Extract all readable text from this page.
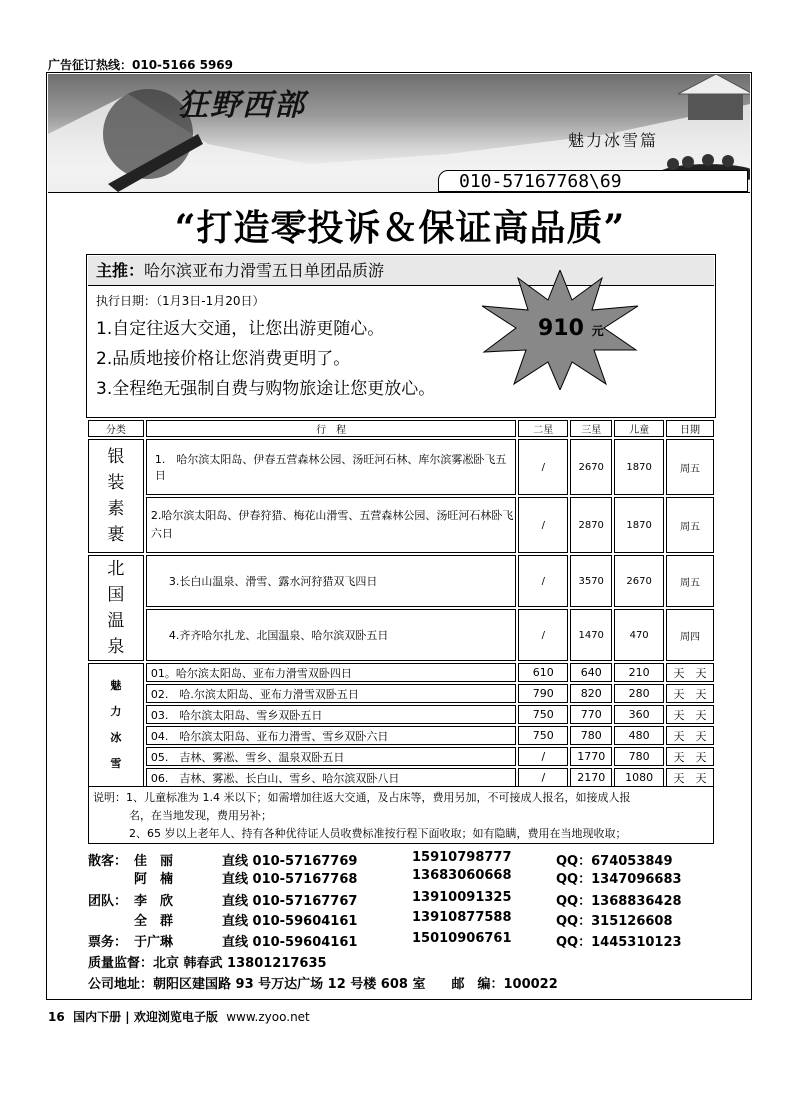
广告征订热线：010-5166 5969
狂野西部
魅力冰雪篇
010-57167768\69
“打造零投诉＆保证高品质”
主推：哈尔滨亚布力滑雪五日单团品质游
执行日期：（1月3日-1月20日）
1.自定往返大交通，让您出游更随心。
2.品质地接价格让您消费更明了。
3.全程绝无强制自费与购物旅途让您更放心。
910 元
分类	行　程	二星	三星	儿童	日期

银装素裹	1.　哈尔滨太阳岛、伊春五营森林公园、汤旺河石林、库尔滨雾凇卧飞五日	/	2670	1870	周五
	2.哈尔滨太阳岛、伊春狩猎、梅花山滑雪、五营森林公园、汤旺河石林卧飞六日	/	2870	1870	周五

北国温泉	3.长白山温泉、滑雪、露水河狩猎双飞四日	/	3570	2670	周五
	4.齐齐哈尔扎龙、北国温泉、哈尔滨双卧五日	/	1470	470	周四

魅力冰雪	01。哈尔滨太阳岛、亚布力滑雪双卧四日	610	640	210	天　天
	02.　哈.尔滨太阳岛、亚布力滑雪双卧五日	790	820	280	天　天
	03.　哈尔滨太阳岛、雪乡双卧五日	750	770	360	天　天
	04.　哈尔滨太阳岛、亚布力滑雪、雪乡双卧六日	750	780	480	天　天
	05.　吉林、雾凇、雪乡、温泉双卧五日	/	1770	780	天　天
	06.　吉林、雾凇、长白山、雪乡、哈尔滨双卧八日	/	2170	1080	天　天
说明：1、儿童标准为 1.4 米以下；如需增加往返大交通，及占床等，费用另加，不可接成人报名，如接成人报
名，在当地发现，费用另补；
2、65 岁以上老年人、持有各种优待证人员收费标准按行程下面收取；如有隐瞒，费用在当地现收取；
散客： 佳　丽	直线 010-57167769	15910798777	QQ：674053849
阿　楠	直线 010-57167768	13683060668	QQ：1347096683
团队： 李　欣	直线 010-57167767	13910091325	QQ：1368836428
全　群	直线 010-59604161	13910877588	QQ：315126608
票务： 于广琳	直线 010-59604161	15010906761	QQ：1445310123
质量监督：北京 韩春武 13801217635
公司地址：朝阳区建国路 93 号万达广场 12 号楼 608 室　　邮　编：100022
16 国内下册 | 欢迎浏览电子版 www.zyoo.net
